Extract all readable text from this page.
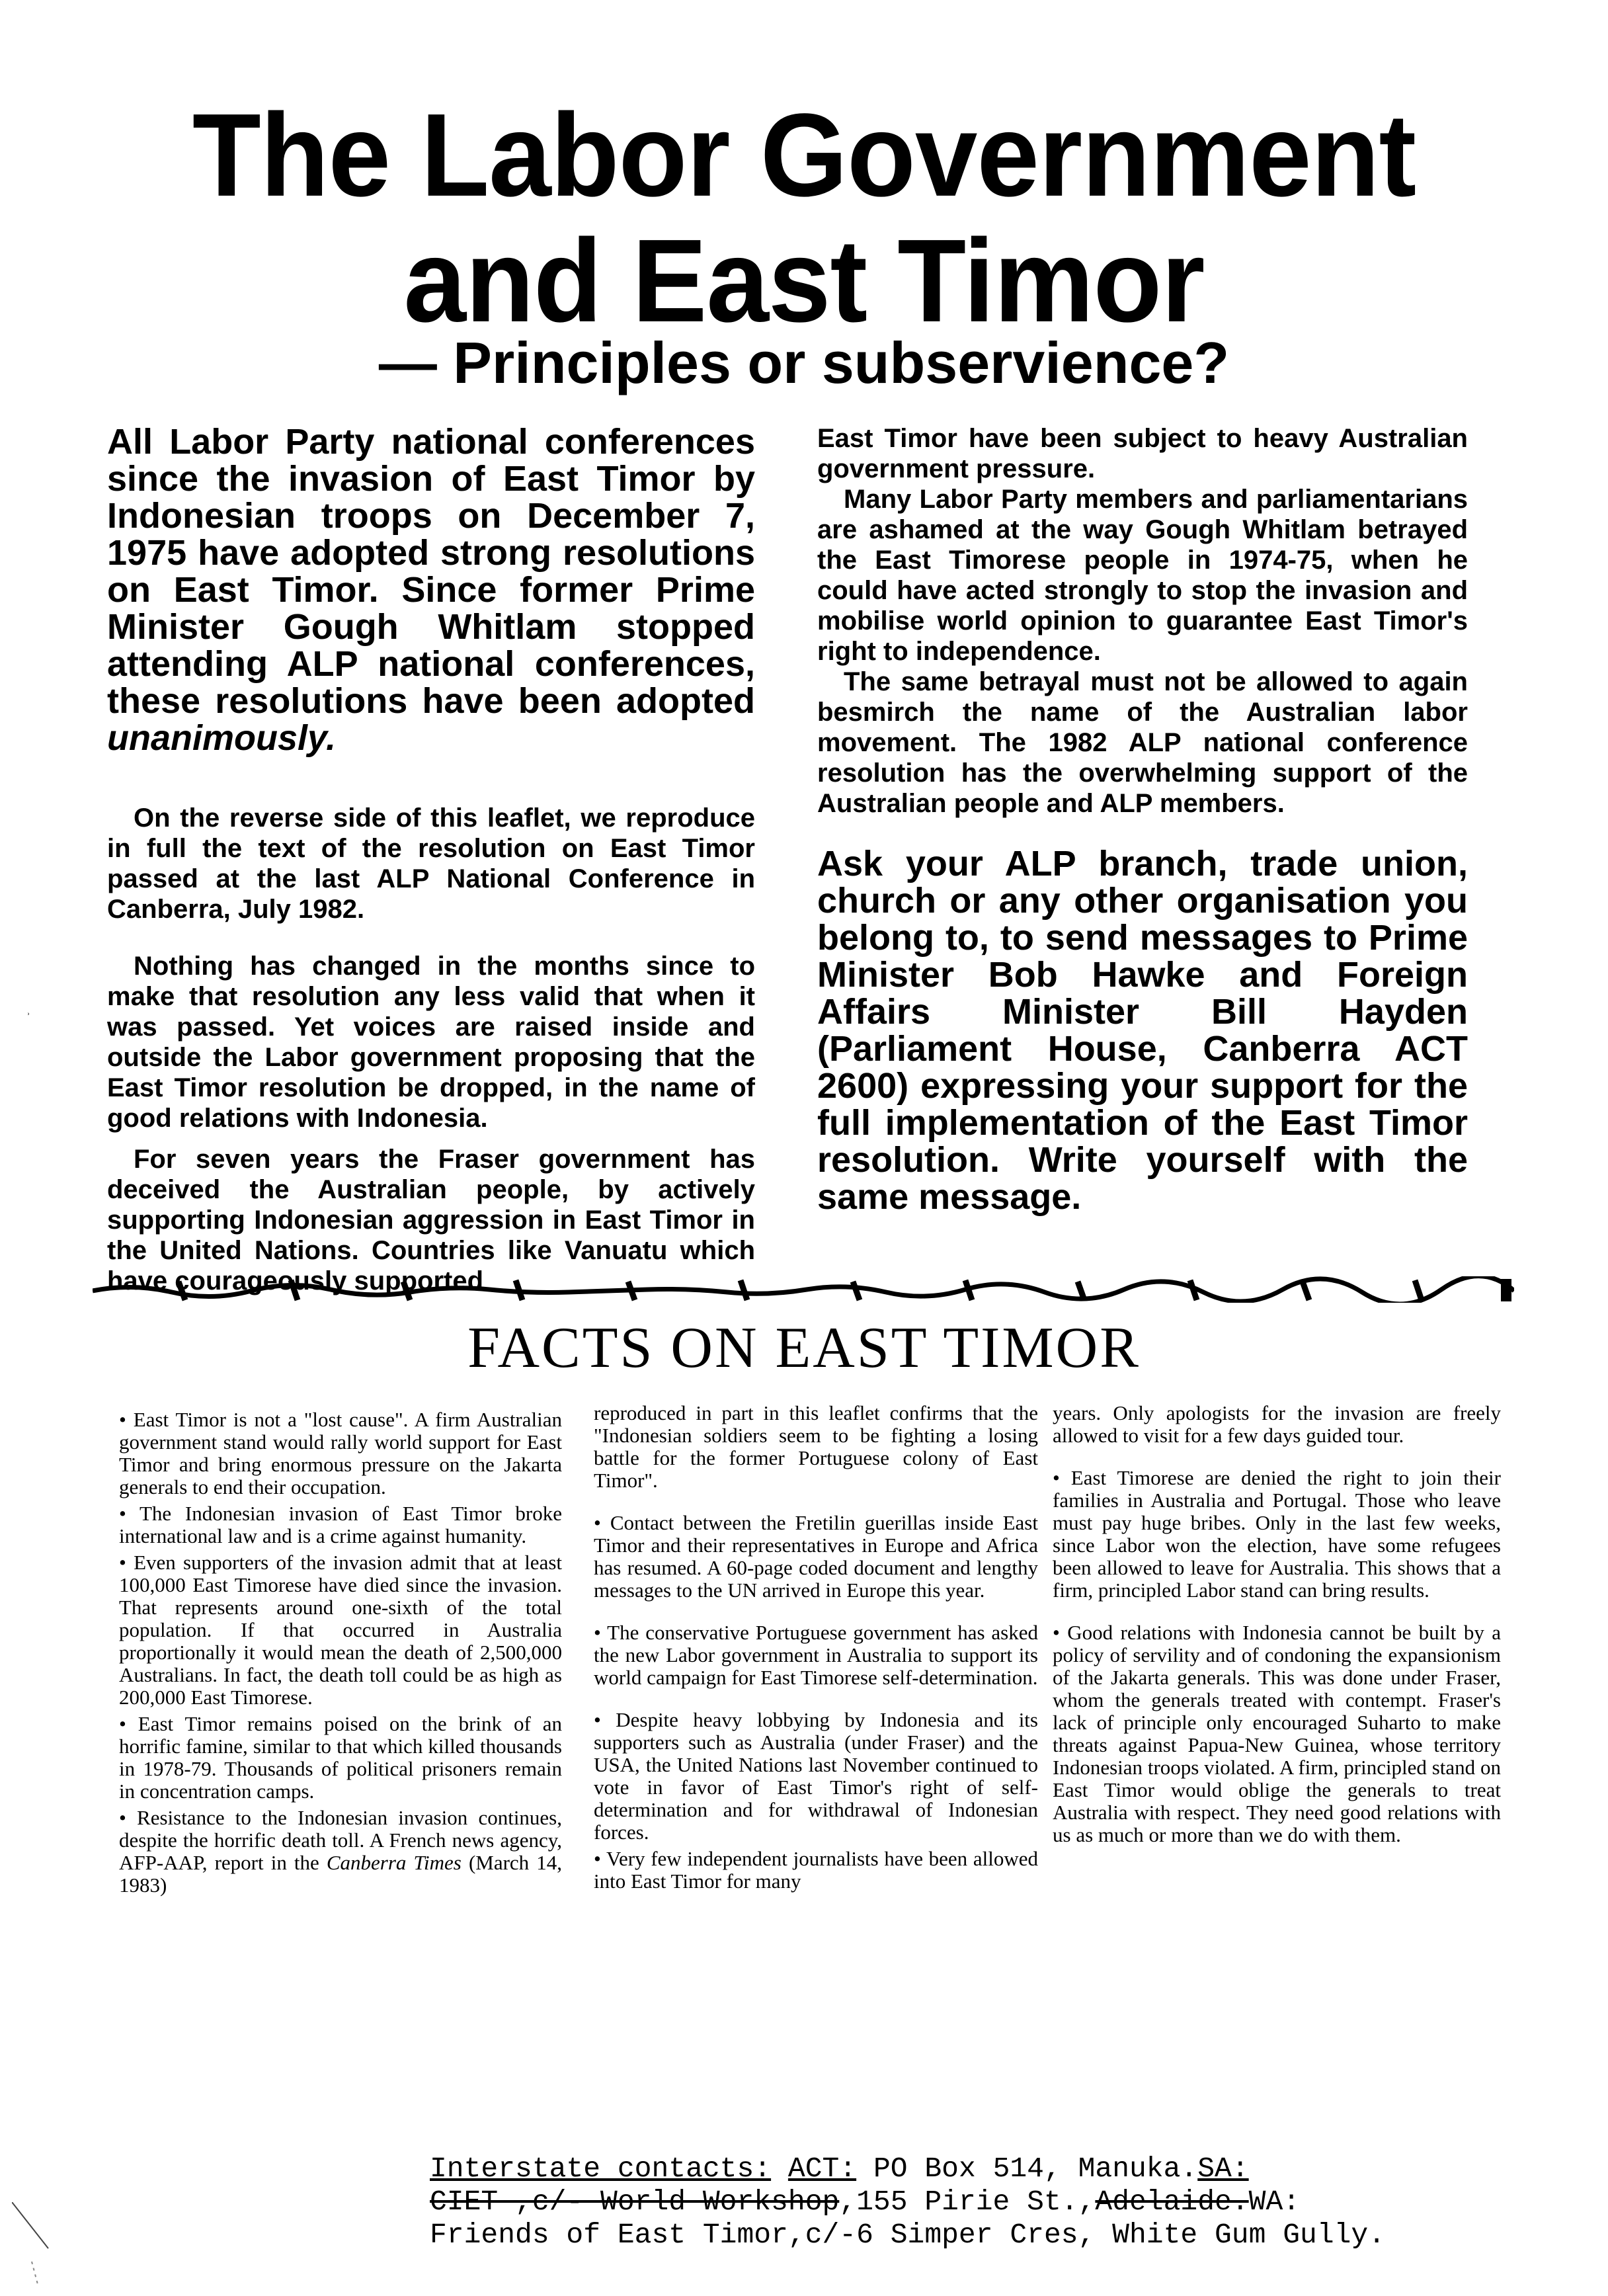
The Labor Government
and East Timor
— Principles or subservience?

All Labor Party national conferences since the invasion of East Timor by Indonesian troops on December 7, 1975 have adopted strong resolutions on East Timor. Since former Prime Minister Gough Whitlam stopped attending ALP national conferences, these resolutions have been adopted unanimously.

On the reverse side of this leaflet, we reproduce in full the text of the resolution on East Timor passed at the last ALP National Conference in Canberra, July 1982.

Nothing has changed in the months since to make that resolution any less valid that when it was passed. Yet voices are raised inside and outside the Labor government proposing that the East Timor resolution be dropped, in the name of good relations with Indonesia.

For seven years the Fraser government has deceived the Australian people, by actively supporting Indonesian aggression in East Timor in the United Nations. Countries like Vanuatu which have courageously supported

East Timor have been subject to heavy Australian government pressure.

Many Labor Party members and parliamentarians are ashamed at the way Gough Whitlam betrayed the East Timorese people in 1974-75, when he could have acted strongly to stop the invasion and mobilise world opinion to guarantee East Timor's right to independence.

The same betrayal must not be allowed to again besmirch the name of the Australian labor movement. The 1982 ALP national conference resolution has the overwhelming support of the Australian people and ALP members.

Ask your ALP branch, trade union, church or any other organisation you belong to, to send messages to Prime Minister Bob Hawke and Foreign Affairs Minister Bill Hayden (Parliament House, Canberra ACT 2600) expressing your support for the full implementation of the East Timor resolution. Write yourself with the same message.

FACTS ON EAST TIMOR

• East Timor is not a "lost cause". A firm Australian government stand would rally world support for East Timor and bring enormous pressure on the Jakarta generals to end their occupation.

• The Indonesian invasion of East Timor broke international law and is a crime against humanity.

• Even supporters of the invasion admit that at least 100,000 East Timorese have died since the invasion. That represents around one-sixth of the total population. If that occurred in Australia proportionally it would mean the death of 2,500,000 Australians. In fact, the death toll could be as high as 200,000 East Timorese.

• East Timor remains poised on the brink of an horrific famine, similar to that which killed thousands in 1978-79. Thousands of political prisoners remain in concentration camps.

• Resistance to the Indonesian invasion continues, despite the horrific death toll. A French news agency, AFP-AAP, report in the Canberra Times (March 14, 1983)

reproduced in part in this leaflet confirms that the "Indonesian soldiers seem to be fighting a losing battle for the former Portuguese colony of East Timor".

• Contact between the Fretilin guerillas inside East Timor and their representatives in Europe and Africa has resumed. A 60-page coded document and lengthy messages to the UN arrived in Europe this year.

• The conservative Portuguese government has asked the new Labor government in Australia to support its world campaign for East Timorese self-determination.

• Despite heavy lobbying by Indonesia and its supporters such as Australia (under Fraser) and the USA, the United Nations last November continued to vote in favor of East Timor's right of self-determination and for withdrawal of Indonesian forces.

• Very few independent journalists have been allowed into East Timor for many

years. Only apologists for the invasion are freely allowed to visit for a few days guided tour.

• East Timorese are denied the right to join their families in Australia and Portugal. Those who leave must pay huge bribes. Only in the last few weeks, since Labor won the election, have some refugees been allowed to leave for Australia. This shows that a firm, principled Labor stand can bring results.

• Good relations with Indonesia cannot be built by a policy of servility and of condoning the expansionism of the Jakarta generals. This was done under Fraser, whom the generals treated with contempt. Fraser's lack of principle only encouraged Suharto to make threats against Papua-New Guinea, whose territory Indonesian troops violated. A firm, principled stand on East Timor would oblige the generals to treat Australia with respect. They need good relations with us as much or more than we do with them.

Interstate contacts: ACT: PO Box 514, Manuka.SA:
CIET ,c/- World Workshop,155 Pirie St.,Adelaide.WA:
Friends of East Timor,c/-6 Simper Cres, White Gum Gully.
˒
